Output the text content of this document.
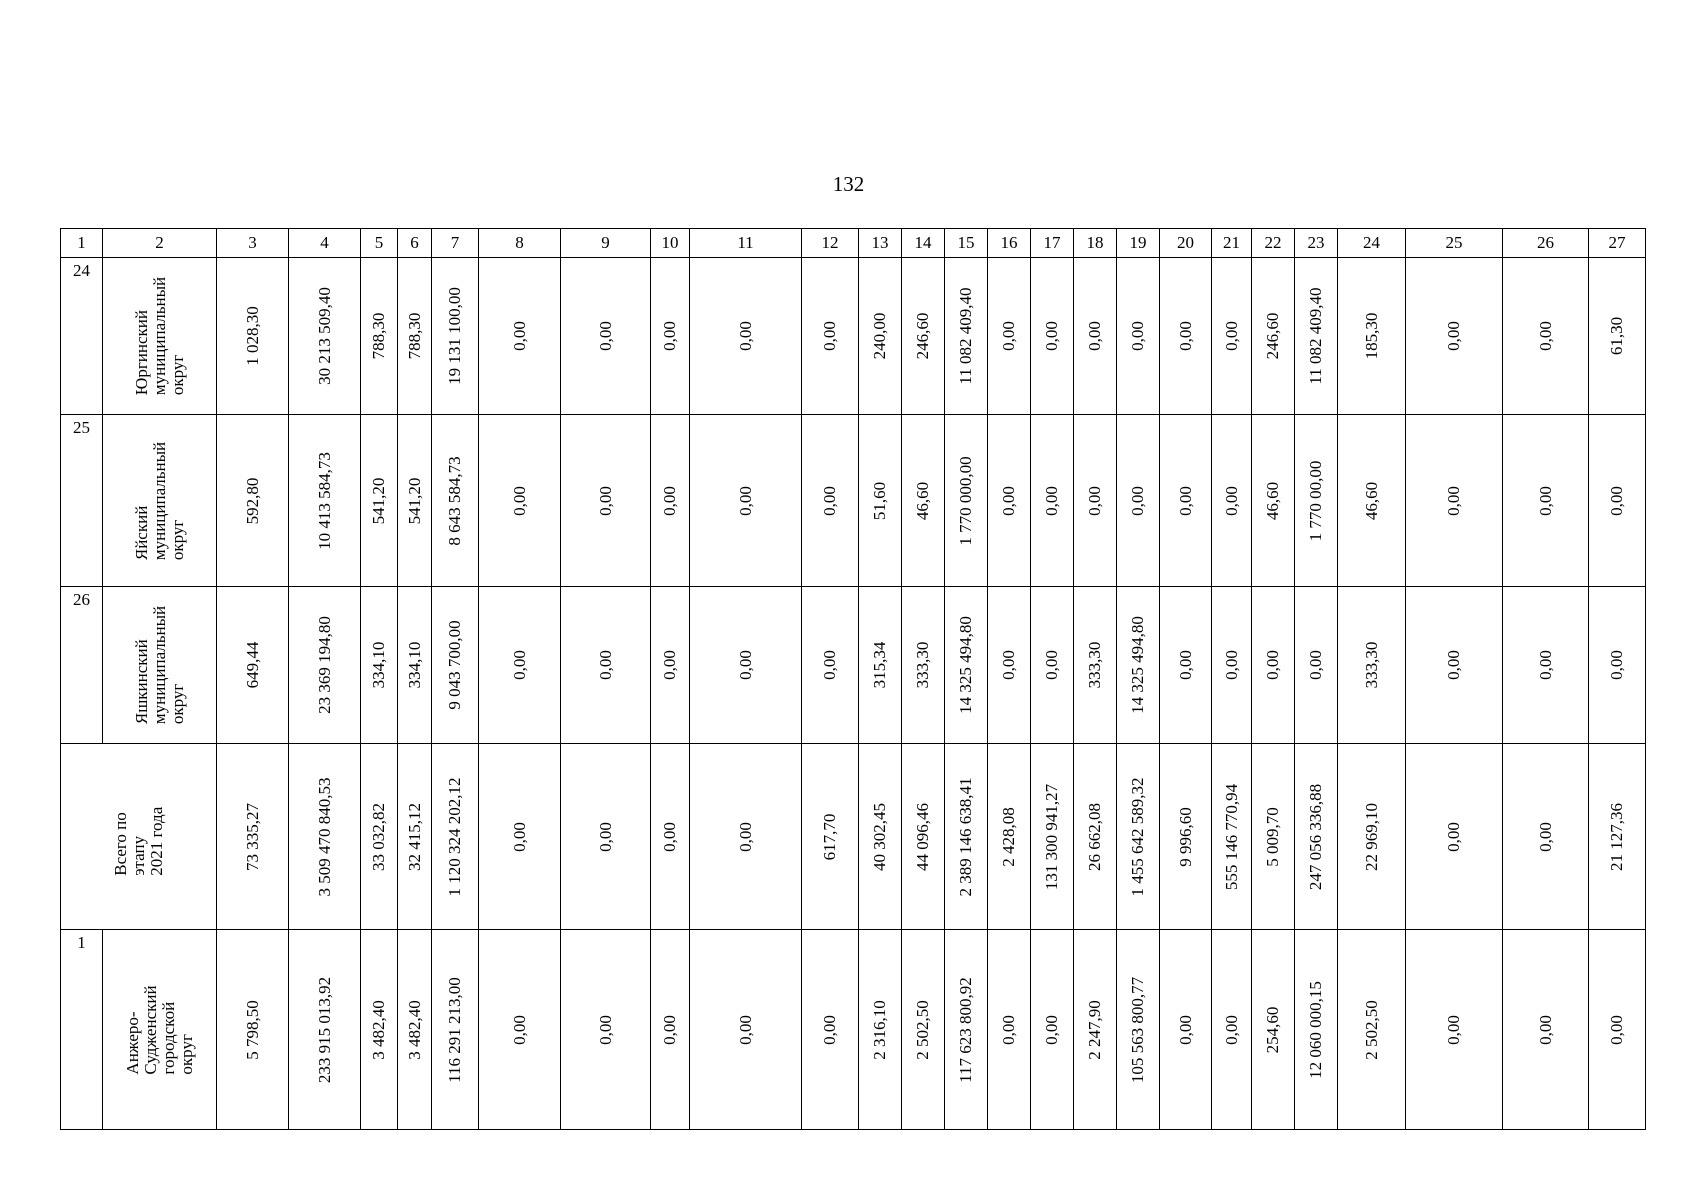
132
1	2	3	4	5	6	7	8	9	10	11	12	13	14	15	16	17	18	19	20	21	22	23	24	25	26	27

24	Юргинский
муниципальный
округ	1 028,30	30 213 509,40	788,30	788,30	19 131 100,00	0,00	0,00	0,00	0,00	0,00	240,00	246,60	11 082 409,40	0,00	0,00	0,00	0,00	0,00	0,00	246,60	11 082 409,40	185,30	0,00	0,00	61,30

25	Яйский
муниципальный
округ	592,80	10 413 584,73	541,20	541,20	8 643 584,73	0,00	0,00	0,00	0,00	0,00	51,60	46,60	1 770 000,00	0,00	0,00	0,00	0,00	0,00	0,00	46,60	1 770 00,00	46,60	0,00	0,00	0,00

26	Яшкинский
муниципальный
округ	649,44	23 369 194,80	334,10	334,10	9 043 700,00	0,00	0,00	0,00	0,00	0,00	315,34	333,30	14 325 494,80	0,00	0,00	333,30	14 325 494,80	0,00	0,00	0,00	0,00	333,30	0,00	0,00	0,00

Всего по этапу
2021 года		73 335,27	3 509 470 840,53	33 032,82	32 415,12	1 120 324 202,12	0,00	0,00	0,00	0,00	617,70	40 302,45	44 096,46	2 389 146 638,41	2 428,08	131 300 941,27	26 662,08	1 455 642 589,32	9 996,60	555 146 770,94	5 009,70	247 056 336,88	22 969,10	0,00	0,00	21 127,36

1	Анжеро-Судженский
городской округ	5 798,50	233 915 013,92	3 482,40	3 482,40	116 291 213,00	0,00	0,00	0,00	0,00	0,00	2 316,10	2 502,50	117 623 800,92	0,00	0,00	2 247,90	105 563 800,77	0,00	0,00	254,60	12 060 000,15	2 502,50	0,00	0,00	0,00
